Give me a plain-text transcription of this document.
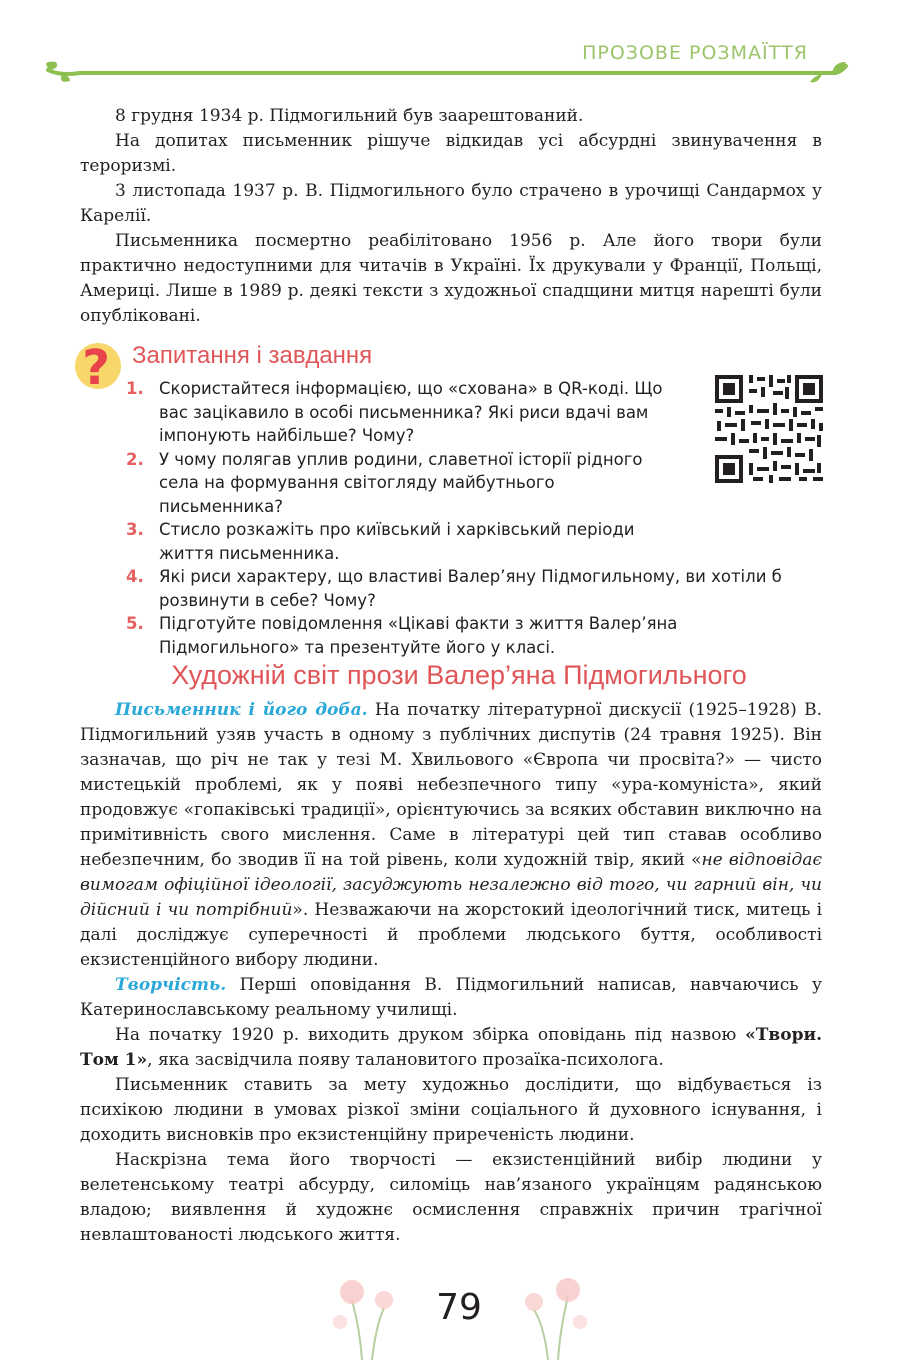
ПРОЗОВЕ РОЗМАЇТТЯ

8 грудня 1934 р. Підмогильний був заарештований.

На допитах письменник рішуче відкидав усі абсурдні звинувачення в тероризмі.

3 листопада 1937 р. В. Підмогильного було страчено в урочищі Сандармох у Карелії.

Письменника посмертно реабілітовано 1956 р. Але його твори були практично недоступними для читачів в Україні. Їх друкували у Франції, Польщі, Америці. Лише в 1989 р. деякі тексти з художньої спадщини митця нарешті були опубліковані.

? Запитання і завдання
1. Скористайтеся інформацією, що «схована» в QR-коді. Що вас зацікавило в особі письменника? Які риси вдачі вам імпонують найбільше? Чому?
2. У чому полягав уплив родини, славетної історії рідного села на формування світогляду майбутнього письменника?
3. Стисло розкажіть про київський і харківський періоди життя письменника.
4. Які риси характеру, що властиві Валер’яну Підмогильному, ви хотіли б розвинути в себе? Чому?
5. Підготуйте повідомлення «Цікаві факти з життя Валер’яна Підмогильного» та презентуйте його у класі.
Художній світ прози Валер’яна Підмогильного

Письменник і його доба. На початку літературної дискусії (1925–1928) В. Підмогильний узяв участь в одному з публічних диспутів (24 травня 1925). Він зазначав, що річ не так у тезі М. Хвильового «Європа чи просвіта?» — чисто мистецькій проблемі, як у появі небезпечного типу «ура-комуніста», який продовжує «гопаківські традиції», орієнтуючись за всяких обставин виключно на примітивність свого мислення. Саме в літературі цей тип ставав особливо небезпечним, бо зводив її на той рівень, коли художній твір, який «не відповідає вимогам офіційної ідеології, засуджують незалежно від того, чи гарний він, чи дійсний і чи потрібний». Незважаючи на жорстокий ідеологічний тиск, митець і далі досліджує суперечності й проблеми людського буття, особливості екзистенційного вибору людини.

Творчість. Перші оповідання В. Підмогильний написав, навчаючись у Катеринославському реальному училищі.

На початку 1920 р. виходить друком збірка оповідань під назвою «Твори. Том 1», яка засвідчила появу талановитого прозаїка-психолога.

Письменник ставить за мету художньо дослідити, що відбувається із психікою людини в умовах різкої зміни соціального й духовного існування, і доходить висновків про екзистенційну приреченість людини.

Наскрізна тема його творчості — екзистенційний вибір людини у велетенському театрі абсурду, силоміць нав’язаного українцям радянською владою; виявлення й художнє осмислення справжніх причин трагічної невлаштованості людського життя.

79
